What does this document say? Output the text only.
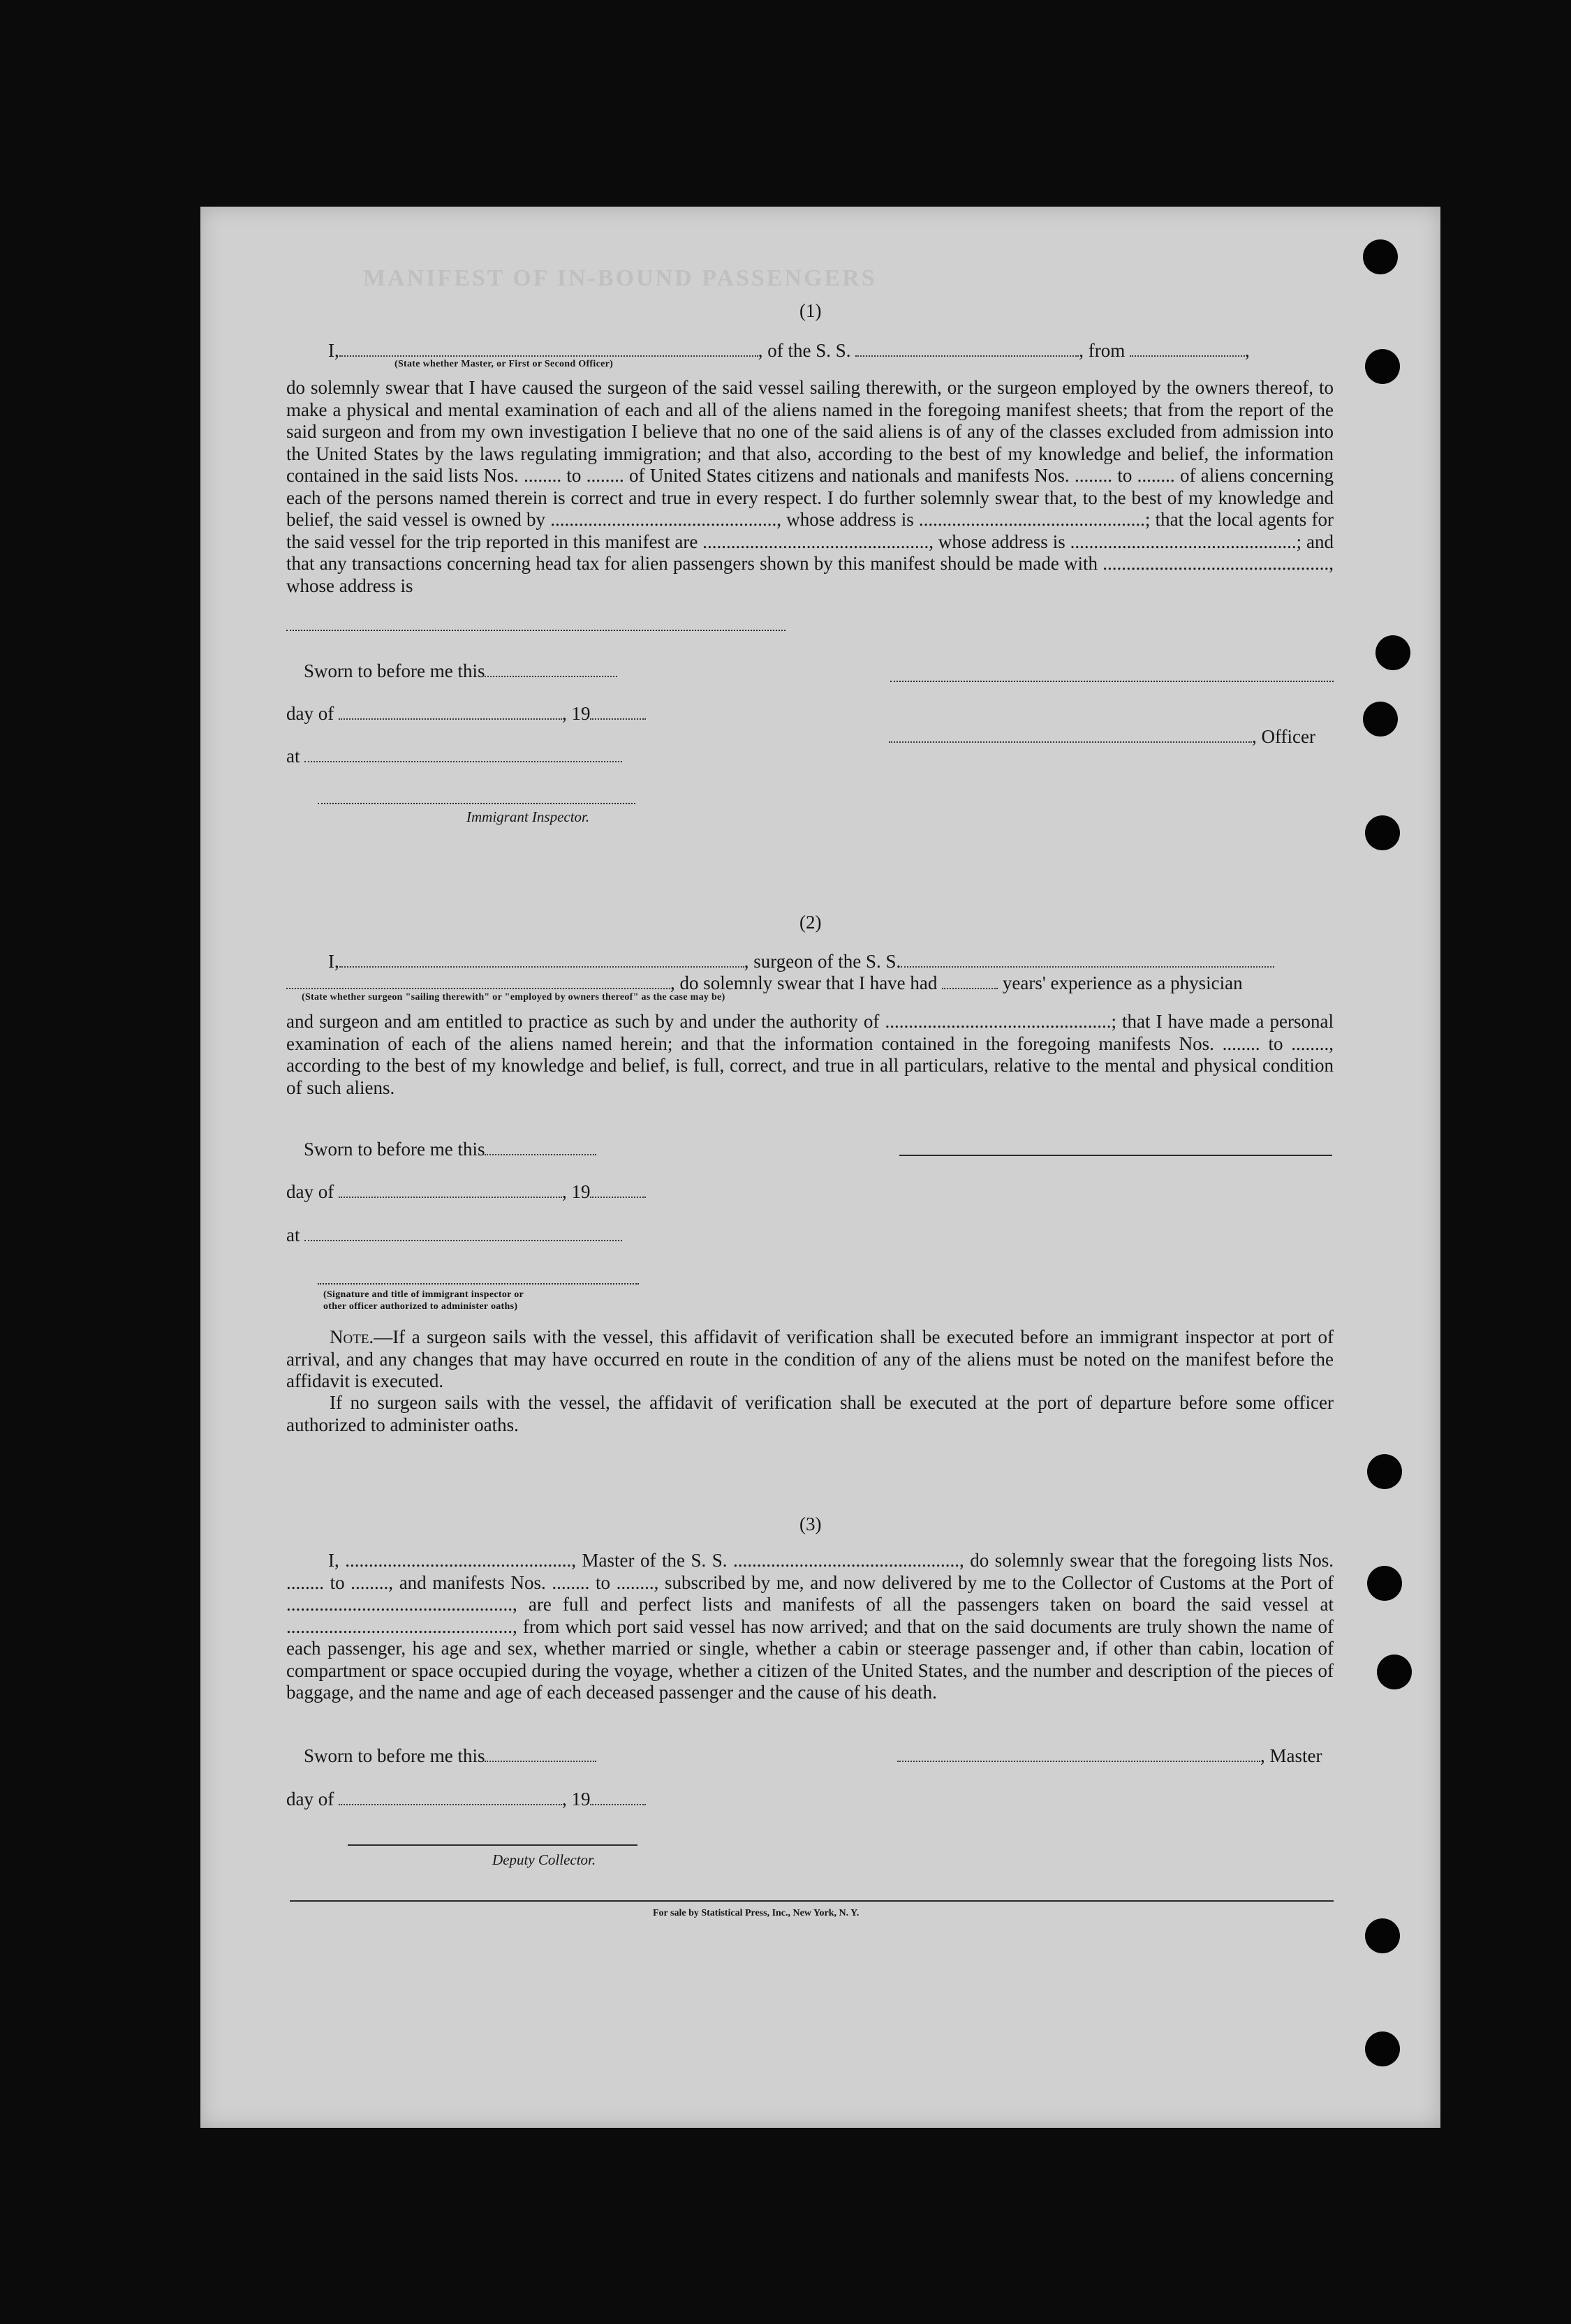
MANIFEST OF IN-BOUND PASSENGERS
(1)
I,	, of the S. S.	, from	,
(State whether Master, or First or Second Officer)
do solemnly swear that I have caused the surgeon of the said vessel sailing therewith, or the surgeon employed by the owners thereof, to make a physical and mental examination of each and all of the aliens named in the foregoing manifest sheets; that from the report of the said surgeon and from my own investigation I believe that no one of the said aliens is of any of the classes excluded from admission into the United States by the laws regulating immigration; and that also, according to the best of my knowledge and belief, the information contained in the said lists Nos. ........ to ........ of United States citizens and nationals and manifests Nos. ........ to ........ of aliens concerning each of the persons named therein is correct and true in every respect. I do further solemnly swear that, to the best of my knowledge and belief, the said vessel is owned by ................................................, whose address is ................................................; that the local agents for the said vessel for the trip reported in this manifest are ................................................, whose address is ................................................; and that any transactions concerning head tax for alien passengers shown by this manifest should be made with ................................................, whose address is
Sworn to before me this
day of	, 19
, Officer
at
Immigrant Inspector.
(2)
I,	, surgeon of the S. S.
, do solemnly swear that I have had	years' experience as a physician
(State whether surgeon "sailing therewith" or "employed by owners thereof" as the case may be)
and surgeon and am entitled to practice as such by and under the authority of ................................................; that I have made a personal examination of each of the aliens named herein; and that the information contained in the foregoing manifests Nos. ........ to ........, according to the best of my knowledge and belief, is full, correct, and true in all particulars, relative to the mental and physical condition of such aliens.
Sworn to before me this
day of	, 19
at
(Signature and title of immigrant inspector or
other officer authorized to administer oaths)
Note.—If a surgeon sails with the vessel, this affidavit of verification shall be executed before an immigrant inspector at port of arrival, and any changes that may have occurred en route in the condition of any of the aliens must be noted on the manifest before the affidavit is executed.
If no surgeon sails with the vessel, the affidavit of verification shall be executed at the port of departure before some officer authorized to administer oaths.
(3)
I, ................................................, Master of the S. S. ................................................, do solemnly swear that the foregoing lists Nos. ........ to ........, and manifests Nos. ........ to ........, subscribed by me, and now delivered by me to the Collector of Customs at the Port of ................................................, are full and perfect lists and manifests of all the passengers taken on board the said vessel at ................................................, from which port said vessel has now arrived; and that on the said documents are truly shown the name of each passenger, his age and sex, whether married or single, whether a cabin or steerage passenger and, if other than cabin, location of compartment or space occupied during the voyage, whether a citizen of the United States, and the number and description of the pieces of baggage, and the name and age of each deceased passenger and the cause of his death.
Sworn to before me this	, Master
day of	, 19
Deputy Collector.
For sale by Statistical Press, Inc., New York, N. Y.
